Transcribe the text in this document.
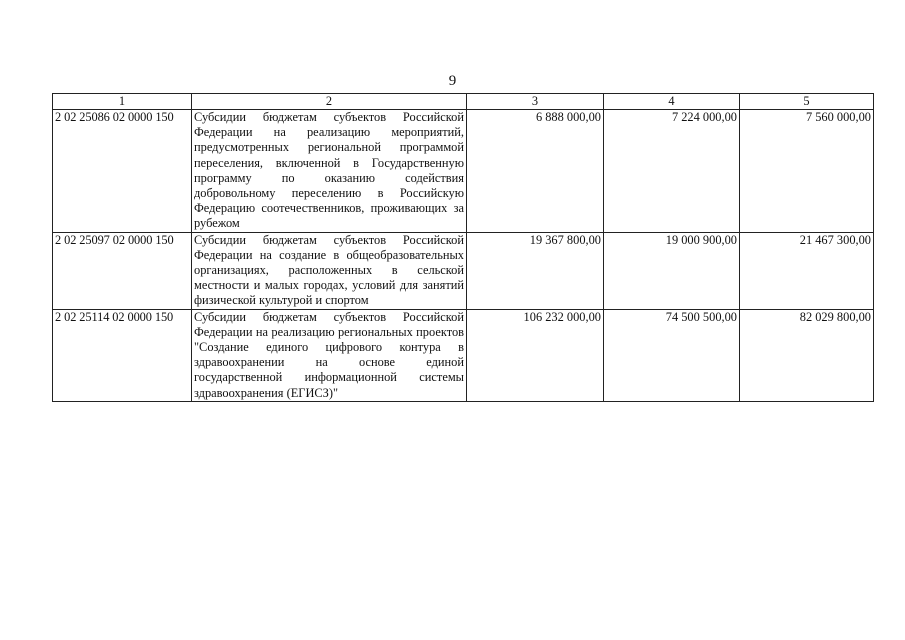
9
1	2	3	4	5
2 02 25086 02 0000 150	Субсидии бюджетам субъектов Российской Федерации на реализацию мероприятий, предусмотренных региональной программой переселения, включенной в Государственную программу по оказанию содействия добровольному переселению в Российскую Федерацию соотечественников, проживающих за рубежом	6 888 000,00	7 224 000,00	7 560 000,00
2 02 25097 02 0000 150	Субсидии бюджетам субъектов Российской Федерации на создание в общеобразовательных организациях, расположенных в сельской местности и малых городах, условий для занятий физической культурой и спортом	19 367 800,00	19 000 900,00	21 467 300,00
2 02 25114 02 0000 150	Субсидии бюджетам субъектов Российской Федерации на реализацию региональных проектов "Создание единого цифрового контура в здравоохранении на основе единой государственной информационной системы здравоохранения (ЕГИСЗ)"	106 232 000,00	74 500 500,00	82 029 800,00
